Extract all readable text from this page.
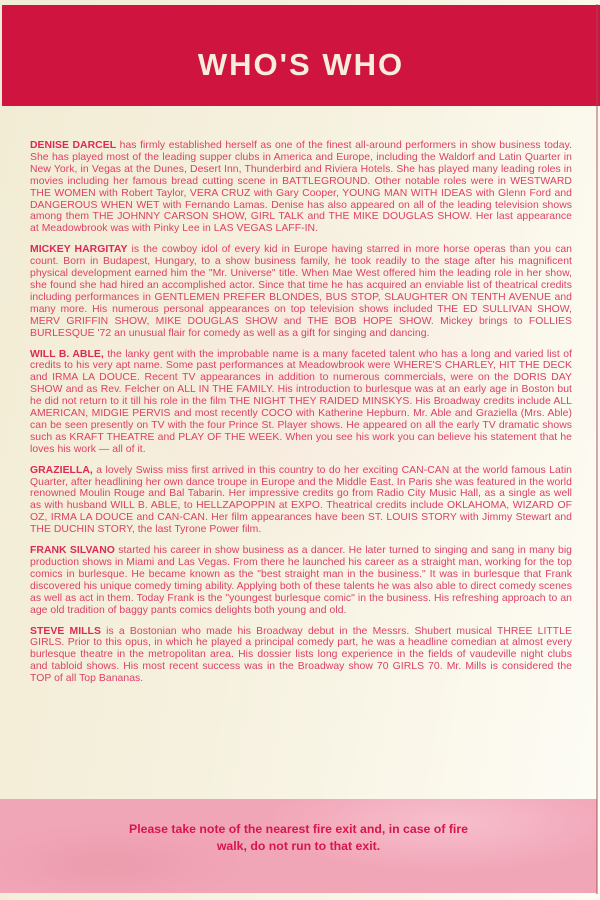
WHO'S WHO

DENISE DARCEL has firmly established herself as one of the finest all-around performers in show business today. She has played most of the leading supper clubs in America and Europe, including the Waldorf and Latin Quarter in New York, in Vegas at the Dunes, Desert Inn, Thunderbird and Riviera Hotels. She has played many leading roles in movies including her famous bread cutting scene in BATTLEGROUND. Other notable roles were in WESTWARD THE WOMEN with Robert Taylor, VERA CRUZ with Gary Cooper, YOUNG MAN WITH IDEAS with Glenn Ford and DANGEROUS WHEN WET with Fernando Lamas. Denise has also appeared on all of the leading television shows among them THE JOHNNY CARSON SHOW, GIRL TALK and THE MIKE DOUGLAS SHOW. Her last appearance at Meadowbrook was with Pinky Lee in LAS VEGAS LAFF-IN.

MICKEY HARGITAY is the cowboy idol of every kid in Europe having starred in more horse operas than you can count. Born in Budapest, Hungary, to a show business family, he took readily to the stage after his magnificent physical development earned him the "Mr. Universe" title. When Mae West offered him the leading role in her show, she found she had hired an accomplished actor. Since that time he has acquired an enviable list of theatrical credits including performances in GENTLEMEN PREFER BLONDES, BUS STOP, SLAUGHTER ON TENTH AVENUE and many more. His numerous personal appearances on top television shows included THE ED SULLIVAN SHOW, MERV GRIFFIN SHOW, MIKE DOUGLAS SHOW and THE BOB HOPE SHOW. Mickey brings to FOLLIES BURLESQUE '72 an unusual flair for comedy as well as a gift for singing and dancing.

WILL B. ABLE, the lanky gent with the improbable name is a many faceted talent who has a long and varied list of credits to his very apt name. Some past performances at Meadowbrook were WHERE'S CHARLEY, HIT THE DECK and IRMA LA DOUCE. Recent TV appearances in addition to numerous commercials, were on the DORIS DAY SHOW and as Rev. Felcher on ALL IN THE FAMILY. His introduction to burlesque was at an early age in Boston but he did not return to it till his role in the film THE NIGHT THEY RAIDED MINSKYS. His Broadway credits include ALL AMERICAN, MIDGIE PERVIS and most recently COCO with Katherine Hepburn. Mr. Able and Graziella (Mrs. Able) can be seen presently on TV with the four Prince St. Player shows. He appeared on all the early TV dramatic shows such as KRAFT THEATRE and PLAY OF THE WEEK. When you see his work you can believe his statement that he loves his work — all of it.

GRAZIELLA, a lovely Swiss miss first arrived in this country to do her exciting CAN-CAN at the world famous Latin Quarter, after headlining her own dance troupe in Europe and the Middle East. In Paris she was featured in the world renowned Moulin Rouge and Bal Tabarin. Her impressive credits go from Radio City Music Hall, as a single as well as with husband WILL B. ABLE, to HELLZAPOPPIN at EXPO. Theatrical credits include OKLAHOMA, WIZARD OF OZ, IRMA LA DOUCE and CAN-CAN. Her film appearances have been ST. LOUIS STORY with Jimmy Stewart and THE DUCHIN STORY, the last Tyrone Power film.

FRANK SILVANO started his career in show business as a dancer. He later turned to singing and sang in many big production shows in Miami and Las Vegas. From there he launched his career as a straight man, working for the top comics in burlesque. He became known as the "best straight man in the business." It was in burlesque that Frank discovered his unique comedy timing ability. Applying both of these talents he was also able to direct comedy scenes as well as act in them. Today Frank is the "youngest burlesque comic" in the business. His refreshing approach to an age old tradition of baggy pants comics delights both young and old.

STEVE MILLS is a Bostonian who made his Broadway debut in the Messrs. Shubert musical THREE LITTLE GIRLS. Prior to this opus, in which he played a principal comedy part, he was a headline comedian at almost every burlesque theatre in the metropolitan area. His dossier lists long experience in the fields of vaudeville night clubs and tabloid shows. His most recent success was in the Broadway show 70 GIRLS 70. Mr. Mills is considered the TOP of all Top Bananas.

Please take note of the nearest fire exit and, in case of fire
walk, do not run to that exit.
